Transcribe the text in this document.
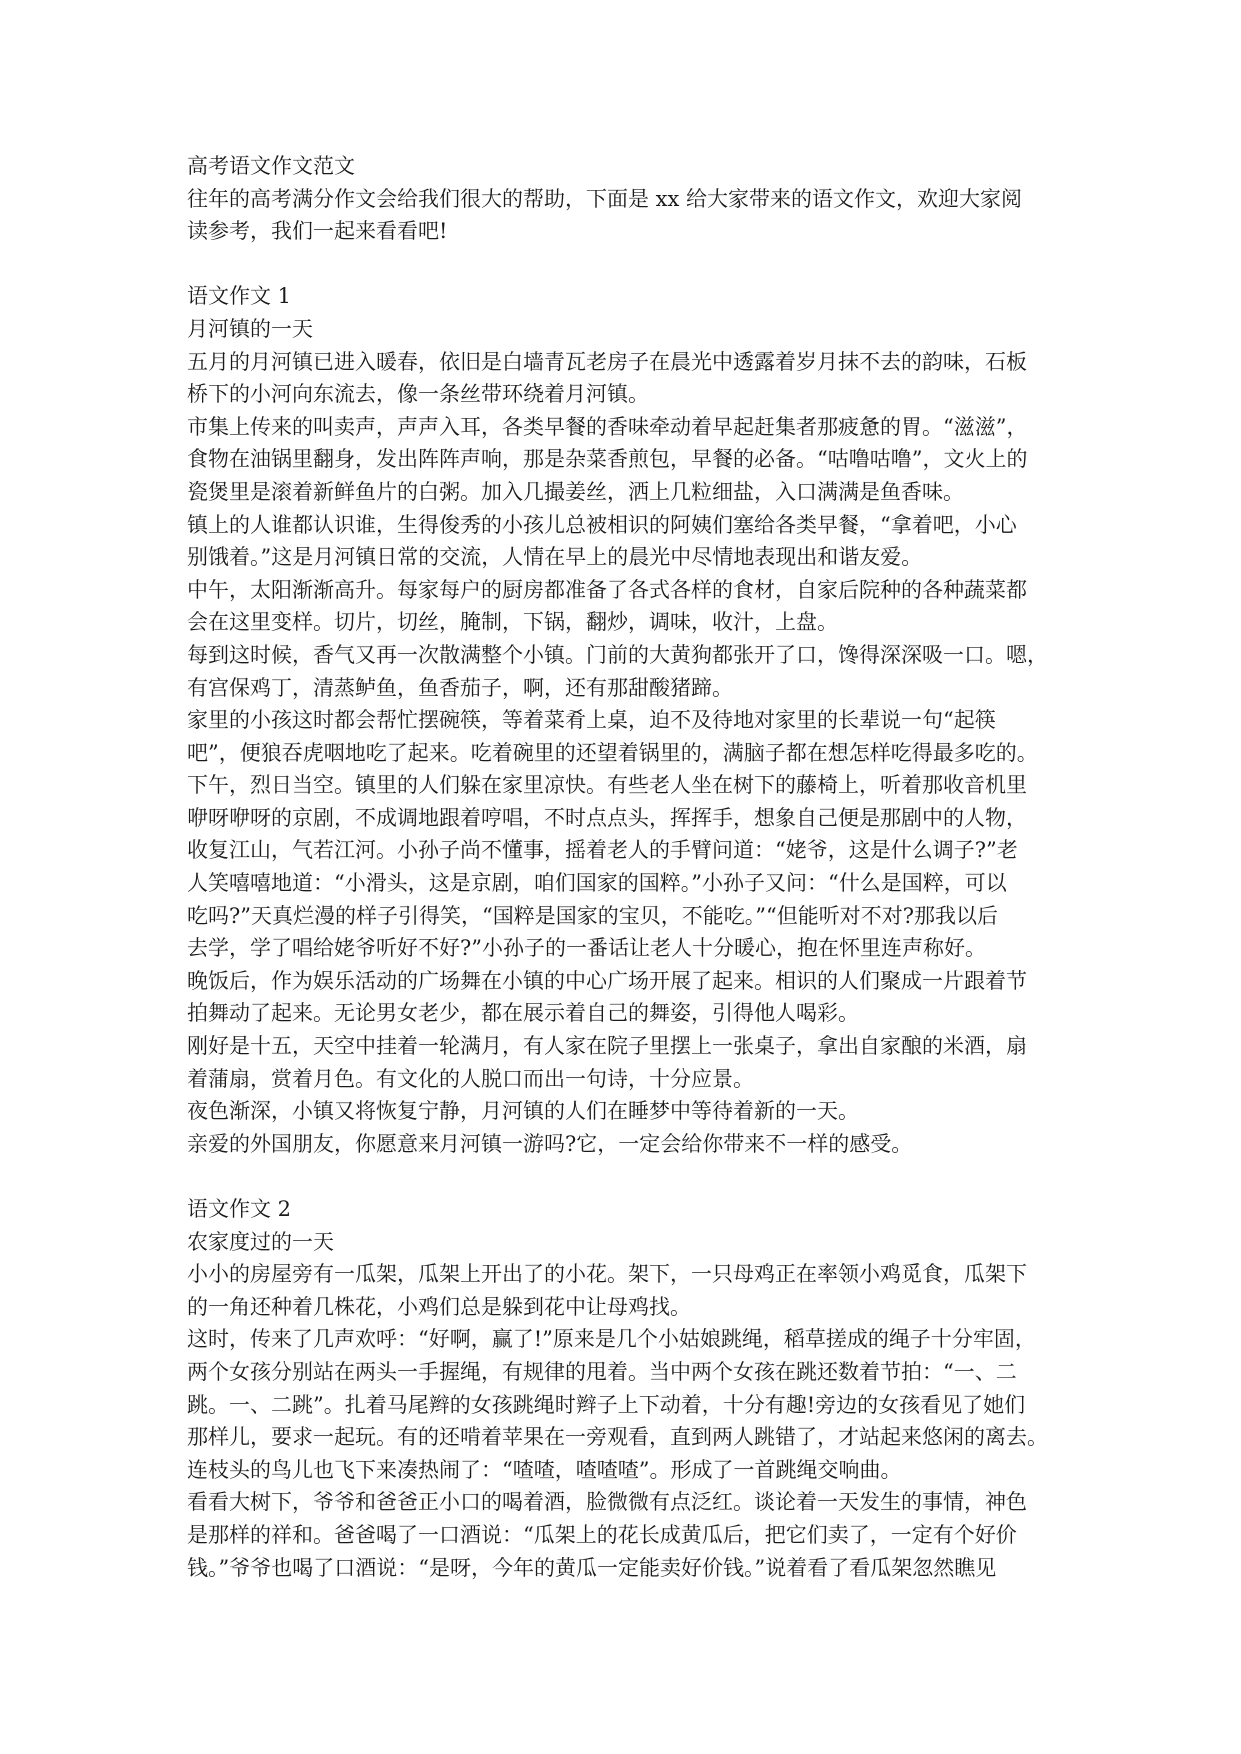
高考语文作文范文
往年的高考满分作文会给我们很大的帮助，下面是 xx 给大家带来的语文作文，欢迎大家阅
读参考，我们一起来看看吧!
语文作文 1
月河镇的一天
五月的月河镇已进入暖春，依旧是白墙青瓦老房子在晨光中透露着岁月抹不去的韵味，石板
桥下的小河向东流去，像一条丝带环绕着月河镇。
市集上传来的叫卖声，声声入耳，各类早餐的香味牵动着早起赶集者那疲惫的胃。“滋滋”，
食物在油锅里翻身，发出阵阵声响，那是杂菜香煎包，早餐的必备。“咕噜咕噜”，文火上的
瓷煲里是滚着新鲜鱼片的白粥。加入几撮姜丝，洒上几粒细盐，入口满满是鱼香味。
镇上的人谁都认识谁，生得俊秀的小孩儿总被相识的阿姨们塞给各类早餐，“拿着吧，小心
别饿着。”这是月河镇日常的交流，人情在早上的晨光中尽情地表现出和谐友爱。
中午，太阳渐渐高升。每家每户的厨房都准备了各式各样的食材，自家后院种的各种蔬菜都
会在这里变样。切片，切丝，腌制，下锅，翻炒，调味，收汁，上盘。
每到这时候，香气又再一次散满整个小镇。门前的大黄狗都张开了口，馋得深深吸一口。嗯，
有宫保鸡丁，清蒸鲈鱼，鱼香茄子，啊，还有那甜酸猪蹄。
家里的小孩这时都会帮忙摆碗筷，等着菜肴上桌，迫不及待地对家里的长辈说一句“起筷
吧”，便狼吞虎咽地吃了起来。吃着碗里的还望着锅里的，满脑子都在想怎样吃得最多吃的。
下午，烈日当空。镇里的人们躲在家里凉快。有些老人坐在树下的藤椅上，听着那收音机里
咿呀咿呀的京剧，不成调地跟着哼唱，不时点点头，挥挥手，想象自己便是那剧中的人物，
收复江山，气若江河。小孙子尚不懂事，摇着老人的手臂问道：“姥爷，这是什么调子?”老
人笑嘻嘻地道：“小滑头，这是京剧，咱们国家的国粹。”小孙子又问：“什么是国粹，可以
吃吗?”天真烂漫的样子引得笑，“国粹是国家的宝贝，不能吃。”“但能听对不对?那我以后
去学，学了唱给姥爷听好不好?”小孙子的一番话让老人十分暖心，抱在怀里连声称好。
晚饭后，作为娱乐活动的广场舞在小镇的中心广场开展了起来。相识的人们聚成一片跟着节
拍舞动了起来。无论男女老少，都在展示着自己的舞姿，引得他人喝彩。
刚好是十五，天空中挂着一轮满月，有人家在院子里摆上一张桌子，拿出自家酿的米酒，扇
着蒲扇，赏着月色。有文化的人脱口而出一句诗，十分应景。
夜色渐深，小镇又将恢复宁静，月河镇的人们在睡梦中等待着新的一天。
亲爱的外国朋友，你愿意来月河镇一游吗?它，一定会给你带来不一样的感受。
语文作文 2
农家度过的一天
小小的房屋旁有一瓜架，瓜架上开出了的小花。架下，一只母鸡正在率领小鸡觅食，瓜架下
的一角还种着几株花，小鸡们总是躲到花中让母鸡找。
这时，传来了几声欢呼：“好啊，赢了!”原来是几个小姑娘跳绳，稻草搓成的绳子十分牢固，
两个女孩分别站在两头一手握绳，有规律的甩着。当中两个女孩在跳还数着节拍：“一、二
跳。一、二跳”。扎着马尾辫的女孩跳绳时辫子上下动着，十分有趣!旁边的女孩看见了她们
那样儿，要求一起玩。有的还啃着苹果在一旁观看，直到两人跳错了，才站起来悠闲的离去。
连枝头的鸟儿也飞下来凑热闹了：“喳喳，喳喳喳”。形成了一首跳绳交响曲。
看看大树下，爷爷和爸爸正小口的喝着酒，脸微微有点泛红。谈论着一天发生的事情，神色
是那样的祥和。爸爸喝了一口酒说：“瓜架上的花长成黄瓜后，把它们卖了，一定有个好价
钱。”爷爷也喝了口酒说：“是呀，今年的黄瓜一定能卖好价钱。”说着看了看瓜架忽然瞧见
